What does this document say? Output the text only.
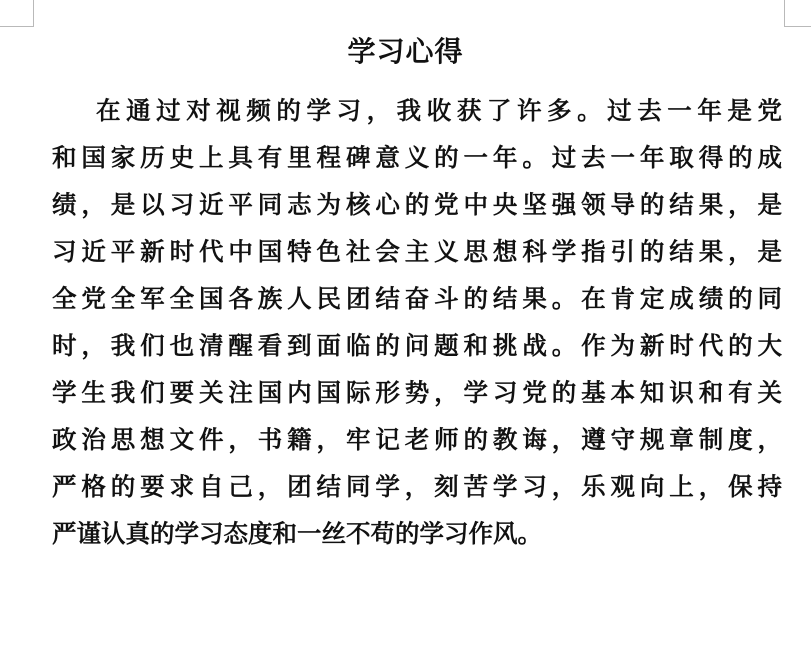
学习心得
在通过对视频的学习，我收获了许多。过去一年是党
和国家历史上具有里程碑意义的一年。过去一年取得的成
绩，是以习近平同志为核心的党中央坚强领导的结果，是
习近平新时代中国特色社会主义思想科学指引的结果，是
全党全军全国各族人民团结奋斗的结果。在肯定成绩的同
时，我们也清醒看到面临的问题和挑战。作为新时代的大
学生我们要关注国内国际形势，学习党的基本知识和有关
政治思想文件，书籍，牢记老师的教诲，遵守规章制度，
严格的要求自己，团结同学，刻苦学习，乐观向上，保持
严谨认真的学习态度和一丝不苟的学习作风。
